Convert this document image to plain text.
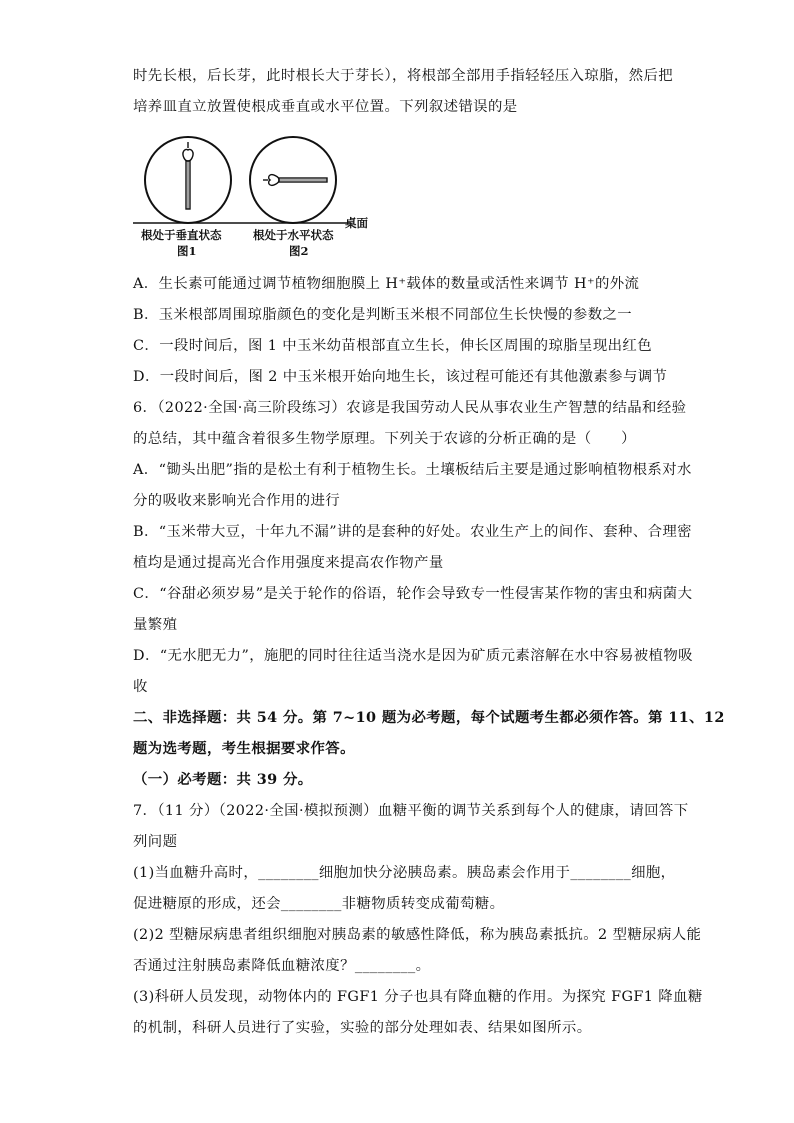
时先长根，后长芽，此时根长大于芽长），将根部全部用手指轻轻压入琼脂，然后把
培养皿直立放置使根成垂直或水平位置。下列叙述错误的是
根处于垂直状态
图1
根处于水平状态
图2
桌面
A．生长素可能通过调节植物细胞膜上 H⁺载体的数量或活性来调节 H⁺的外流
B．玉米根部周围琼脂颜色的变化是判断玉米根不同部位生长快慢的参数之一
C．一段时间后，图 1 中玉米幼苗根部直立生长，伸长区周围的琼脂呈现出红色
D．一段时间后，图 2 中玉米根开始向地生长，该过程可能还有其他激素参与调节
6．（2022·全国·高三阶段练习）农谚是我国劳动人民从事农业生产智慧的结晶和经验
的总结，其中蕴含着很多生物学原理。下列关于农谚的分析正确的是（　　）
A．“锄头出肥”指的是松土有利于植物生长。土壤板结后主要是通过影响植物根系对水
分的吸收来影响光合作用的进行
B．“玉米带大豆，十年九不漏”讲的是套种的好处。农业生产上的间作、套种、合理密
植均是通过提高光合作用强度来提高农作物产量
C．“谷甜必须岁易”是关于轮作的俗语，轮作会导致专一性侵害某作物的害虫和病菌大
量繁殖
D．“无水肥无力”，施肥的同时往往适当浇水是因为矿质元素溶解在水中容易被植物吸
收
二、非选择题：共 54 分。第 7~10 题为必考题，每个试题考生都必须作答。第 11、12
题为选考题，考生根据要求作答。
（一）必考题：共 39 分。
7．（11 分）（2022·全国·模拟预测）血糖平衡的调节关系到每个人的健康，请回答下
列问题
(1)当血糖升高时，________细胞加快分泌胰岛素。胰岛素会作用于________细胞，
促进糖原的形成，还会________非糖物质转变成葡萄糖。
(2)2 型糖尿病患者组织细胞对胰岛素的敏感性降低，称为胰岛素抵抗。2 型糖尿病人能
否通过注射胰岛素降低血糖浓度？________。
(3)科研人员发现，动物体内的 FGF1 分子也具有降血糖的作用。为探究 FGF1 降血糖
的机制，科研人员进行了实验，实验的部分处理如表、结果如图所示。
